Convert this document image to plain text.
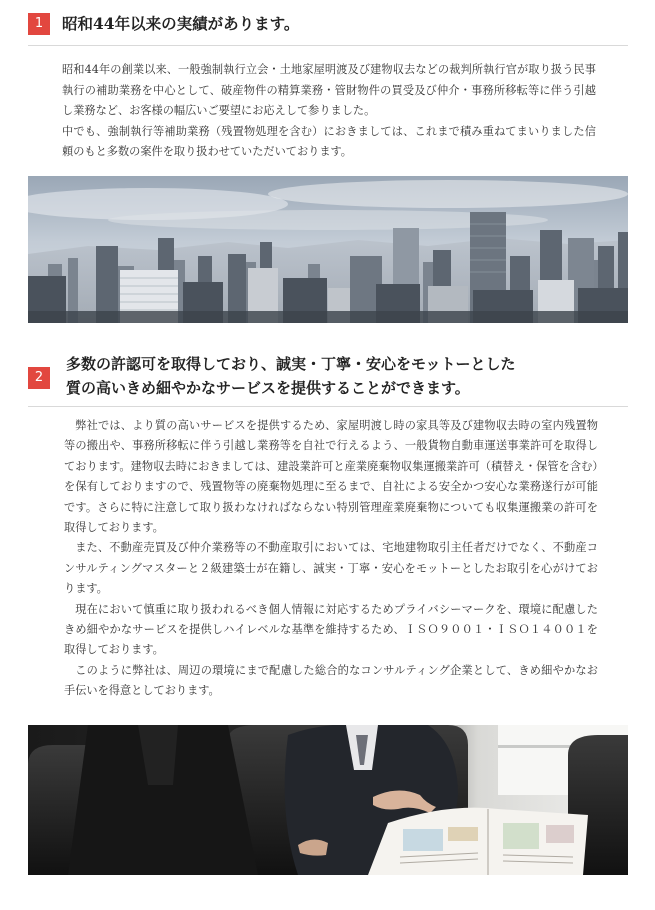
1	昭和44年以来の実績があります。

昭和44年の創業以来、一般強制執行立会・土地家屋明渡及び建物収去などの裁判所執行官が取り扱う民事執行の補助業務を中心として、破産物件の精算業務・管財物件の買受及び仲介・事務所移転等に伴う引越し業務など、お客様の幅広いご要望にお応えして参りました。

中でも、強制執行等補助業務（残置物処理を含む）におきましては、これまで積み重ねてまいりました信頼のもと多数の案件を取り扱わせていただいております。

2
多数の許認可を取得しており、誠実・丁寧・安心をモットーとした
質の高いきめ細やかなサービスを提供することができます。

弊社では、より質の高いサービスを提供するため、家屋明渡し時の家具等及び建物収去時の室内残置物等の搬出や、事務所移転に伴う引越し業務等を自社で行えるよう、一般貨物自動車運送事業許可を取得しております。建物収去時におきましては、建設業許可と産業廃棄物収集運搬業許可（積替え・保管を含む）を保有しておりますので、残置物等の廃棄物処理に至るまで、自社による安全かつ安心な業務遂行が可能です。さらに特に注意して取り扱わなければならない特別管理産業廃棄物についても収集運搬業の許可を取得しております。

また、不動産売買及び仲介業務等の不動産取引においては、宅地建物取引主任者だけでなく、不動産コンサルティングマスターと２級建築士が在籍し、誠実・丁寧・安心をモットーとしたお取引を心がけております。

現在において慎重に取り扱われるべき個人情報に対応するためプライバシーマークを、環境に配慮したきめ細やかなサービスを提供しハイレベルな基準を維持するため、ＩＳＯ９００１・ＩＳＯ１４００１を取得しております。

このように弊社は、周辺の環境にまで配慮した総合的なコンサルティング企業として、きめ細やかなお手伝いを得意としております。
